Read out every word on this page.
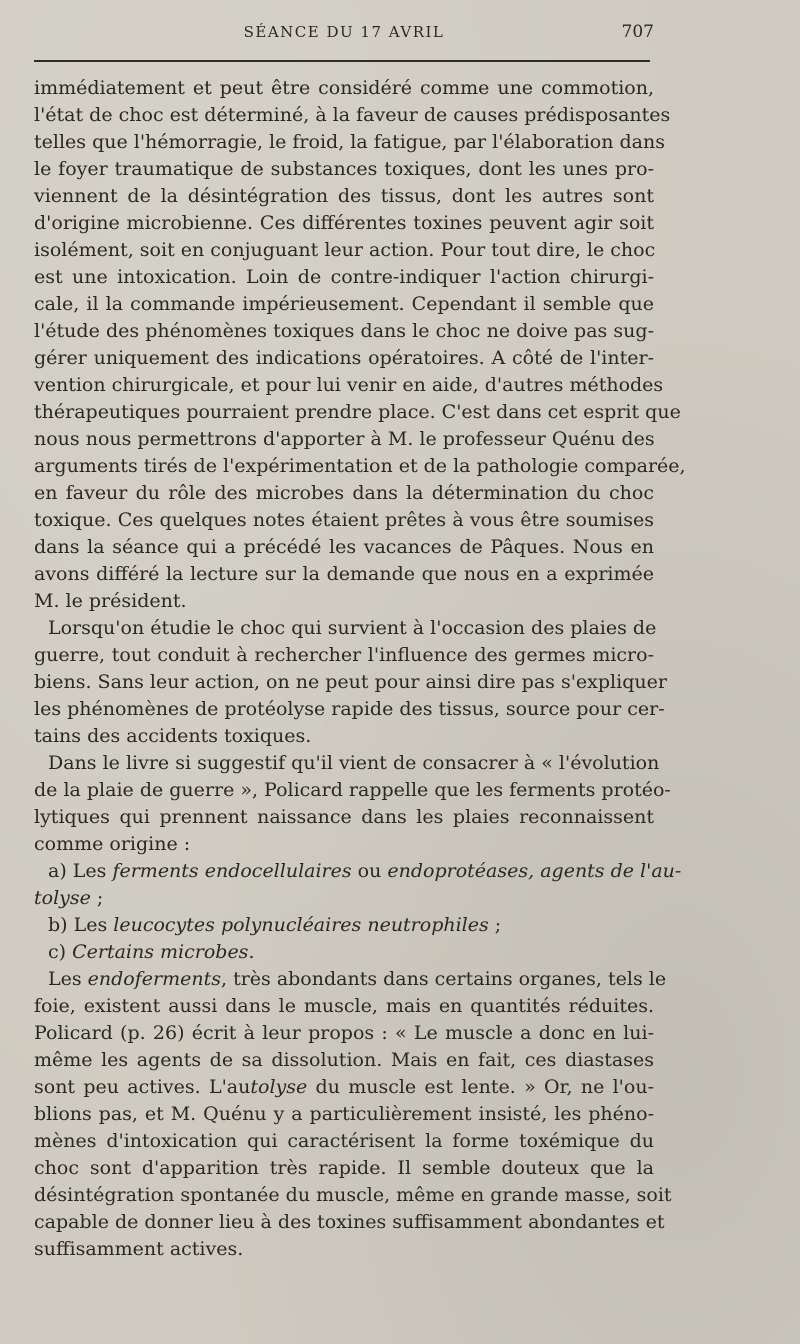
SÉANCE DU 17 AVRIL	707
immédiatement et peut être considéré comme une commotion,
l'état de choc est déterminé, à la faveur de causes prédisposantes
telles que l'hémorragie, le froid, la fatigue, par l'élaboration dans
le foyer traumatique de substances toxiques, dont les unes pro-
viennent de la désintégration des tissus, dont les autres sont
d'origine microbienne. Ces différentes toxines peuvent agir soit
isolément, soit en conjuguant leur action. Pour tout dire, le choc
est une intoxication. Loin de contre-indiquer l'action chirurgi-
cale, il la commande impérieusement. Cependant il semble que
l'étude des phénomènes toxiques dans le choc ne doive pas sug-
gérer uniquement des indications opératoires. A côté de l'inter-
vention chirurgicale, et pour lui venir en aide, d'autres méthodes
thérapeutiques pourraient prendre place. C'est dans cet esprit que
nous nous permettrons d'apporter à M. le professeur Quénu des
arguments tirés de l'expérimentation et de la pathologie comparée,
en faveur du rôle des microbes dans la détermination du choc
toxique. Ces quelques notes étaient prêtes à vous être soumises
dans la séance qui a précédé les vacances de Pâques. Nous en
avons différé la lecture sur la demande que nous en a exprimée
M. le président.
Lorsqu'on étudie le choc qui survient à l'occasion des plaies de
guerre, tout conduit à rechercher l'influence des germes micro-
biens. Sans leur action, on ne peut pour ainsi dire pas s'expliquer
les phénomènes de protéolyse rapide des tissus, source pour cer-
tains des accidents toxiques.
Dans le livre si suggestif qu'il vient de consacrer à « l'évolution
de la plaie de guerre », Policard rappelle que les ferments protéo-
lytiques qui prennent naissance dans les plaies reconnaissent
comme origine :
a) Les ferments endocellulaires ou endoprotéases, agents de l'au-
tolyse ;
b) Les leucocytes polynucléaires neutrophiles ;
c) Certains microbes.
Les endoferments, très abondants dans certains organes, tels le
foie, existent aussi dans le muscle, mais en quantités réduites.
Policard (p. 26) écrit à leur propos : « Le muscle a donc en lui-
même les agents de sa dissolution. Mais en fait, ces diastases
sont peu actives. L'autolyse du muscle est lente. » Or, ne l'ou-
blions pas, et M. Quénu y a particulièrement insisté, les phéno-
mènes d'intoxication qui caractérisent la forme toxémique du
choc sont d'apparition très rapide. Il semble douteux que la
désintégration spontanée du muscle, même en grande masse, soit
capable de donner lieu à des toxines suffisamment abondantes et
suffisamment actives.
